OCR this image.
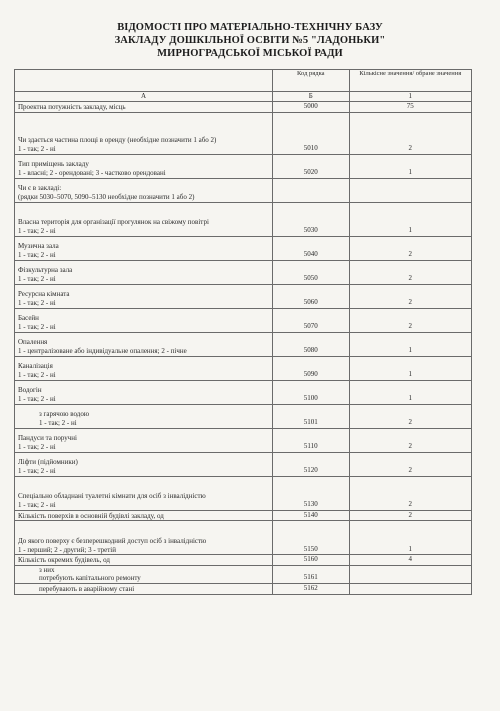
ВІДОМОСТІ ПРО МАТЕРІАЛЬНО-ТЕХНІЧНУ БАЗУ
ЗАКЛАДУ ДОШКІЛЬНОЇ ОСВІТИ №5 "ЛАДОНЬКИ"
МИРНОГРАДСЬКОЇ МІСЬКОЇ РАДИ
	Код рядка	Кількісне значення/ обране значення
А	Б	1
Проектна потужність закладу, місць	5000	75
Чи здається частина площі в оренду (необхідне позначити 1 або 2)
1 - так; 2 - ні	5010	2
Тип приміщень закладу
1 - власні; 2 - орендовані; 3 - частково орендовані	5020	1
Чи є в закладі:
(рядки 5030–5070, 5090–5130 необхідне позначити 1 або 2)		
Власна територія для організації прогулянок на свіжому повітрі
1 - так; 2 - ні	5030	1
Музична зала
1 - так; 2 - ні	5040	2
Фізкультурна зала
1 - так; 2 - ні	5050	2
Ресурсна кімната
1 - так; 2 - ні	5060	2
Басейн
1 - так; 2 - ні	5070	2
Опалення
1 - централізоване або індивідуальне опалення; 2 - пічне	5080	1
Каналізація
1 - так; 2 - ні	5090	1
Водогін
1 - так; 2 - ні	5100	1
з гарячою водою
1 - так; 2 - ні	5101	2
Пандуси та поручні
1 - так; 2 - ні	5110	2
Ліфти (підйомники)
1 - так; 2 - ні	5120	2
Спеціально обладнані туалетні кімнати для осіб з інвалідністю
1 - так; 2 - ні	5130	2
Кількість поверхів в основній будівлі закладу, од	5140	2
До якого поверху є безперешкодний доступ осіб з інвалідністю
1 - перший; 2 - другий; 3 - третій	5150	1
Кількість окремих будівель, од	5160	4
з них
потребують капітального ремонту	5161	
перебувають в аварійному стані	5162	
